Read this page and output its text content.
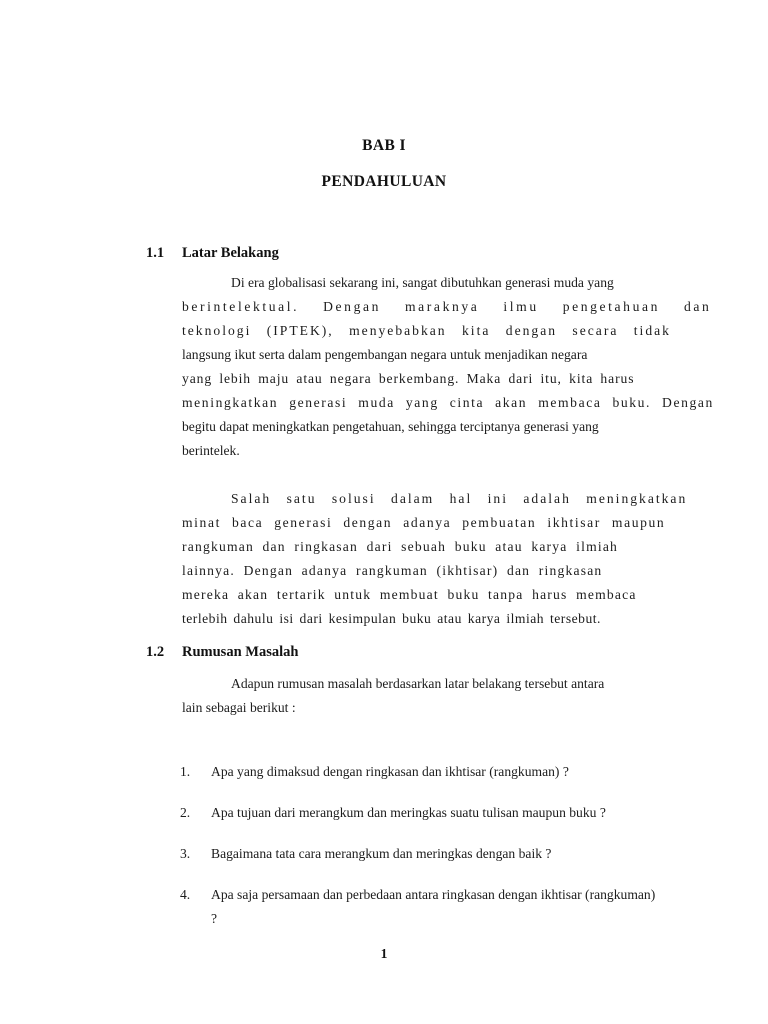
BAB I
PENDAHULUAN
1.1 Latar Belakang

Di era globalisasi sekarang ini, sangat dibutuhkan generasi muda yang
berintelektual. Dengan maraknya ilmu pengetahuan dan
teknologi (IPTEK), menyebabkan kita dengan secara tidak
langsung ikut serta dalam pengembangan negara untuk menjadikan negara
yang lebih maju atau negara berkembang. Maka dari itu, kita harus
meningkatkan generasi muda yang cinta akan membaca buku. Dengan
begitu dapat meningkatkan pengetahuan, sehingga terciptanya generasi yang
berintelek.

Salah satu solusi dalam hal ini adalah meningkatkan
minat baca generasi dengan adanya pembuatan ikhtisar maupun
rangkuman dan ringkasan dari sebuah buku atau karya ilmiah
lainnya. Dengan adanya rangkuman (ikhtisar) dan ringkasan
mereka akan tertarik untuk membuat buku tanpa harus membaca
terlebih dahulu isi dari kesimpulan buku atau karya ilmiah tersebut.

1.2 Rumusan Masalah

Adapun rumusan masalah berdasarkan latar belakang tersebut antara
lain sebagai berikut :

1.	Apa yang dimaksud dengan ringkasan dan ikhtisar (rangkuman) ?
2.	Apa tujuan dari merangkum dan meringkas suatu tulisan maupun buku ?
3.	Bagaimana tata cara merangkum dan meringkas dengan baik ?
4.	Apa saja persamaan dan perbedaan antara ringkasan dengan ikhtisar (rangkuman) ?
1
